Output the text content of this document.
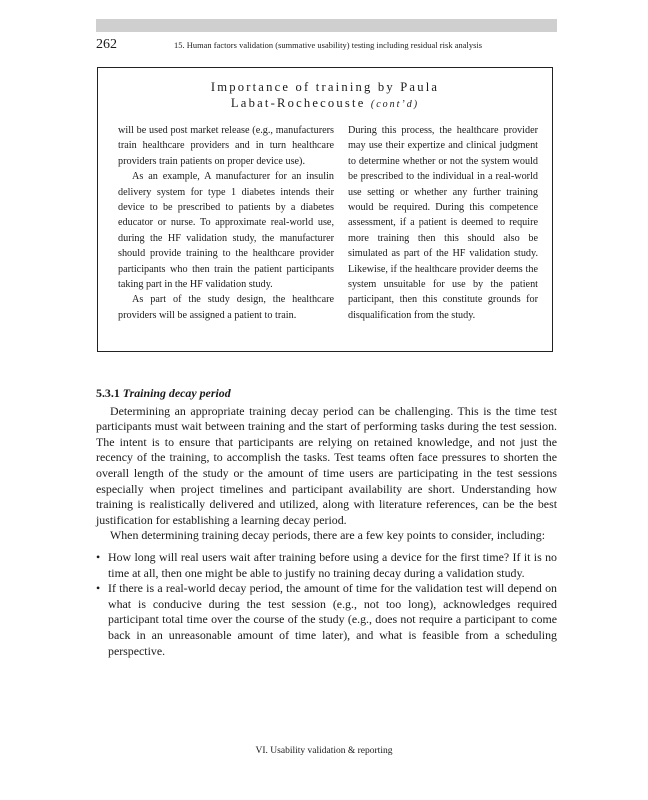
262	15. Human factors validation (summative usability) testing including residual risk analysis
Importance of training by Paula
Labat-Rochecouste (cont’d)

will be used post market release (e.g., manufacturers train healthcare providers and in turn healthcare providers train patients on proper device use).

As an example, A manufacturer for an insulin delivery system for type 1 diabetes intends their device to be prescribed to patients by a diabetes educator or nurse. To approximate real-world use, during the HF validation study, the manufacturer should provide training to the healthcare provider participants who then train the patient participants taking part in the HF validation study.

As part of the study design, the healthcare providers will be assigned a patient to train.

During this process, the healthcare provider may use their expertize and clinical judgment to determine whether or not the system would be prescribed to the individual in a real-world use setting or whether any further training would be required. During this competence assessment, if a patient is deemed to require more training then this should also be simulated as part of the HF validation study. Likewise, if the healthcare provider deems the system unsuitable for use by the patient participant, then this constitute grounds for disqualification from the study.

5.3.1 Training decay period

Determining an appropriate training decay period can be challenging. This is the time test participants must wait between training and the start of performing tasks during the test session. The intent is to ensure that participants are relying on retained knowledge, and not just the recency of the training, to accomplish the tasks. Test teams often face pressures to shorten the overall length of the study or the amount of time users are participating in the test sessions especially when project timelines and participant availability are short. Understanding how training is realistically delivered and utilized, along with literature references, can be the best justification for establishing a learning decay period.

When determining training decay periods, there are a few key points to consider, including:

• How long will real users wait after training before using a device for the first time? If it is no time at all, then one might be able to justify no training decay during a validation study.
• If there is a real-world decay period, the amount of time for the validation test will depend on what is conducive during the test session (e.g., not too long), acknowledges required participant total time over the course of the study (e.g., does not require a participant to come back in an unreasonable amount of time later), and what is feasible from a scheduling perspective.
VI. Usability validation & reporting
